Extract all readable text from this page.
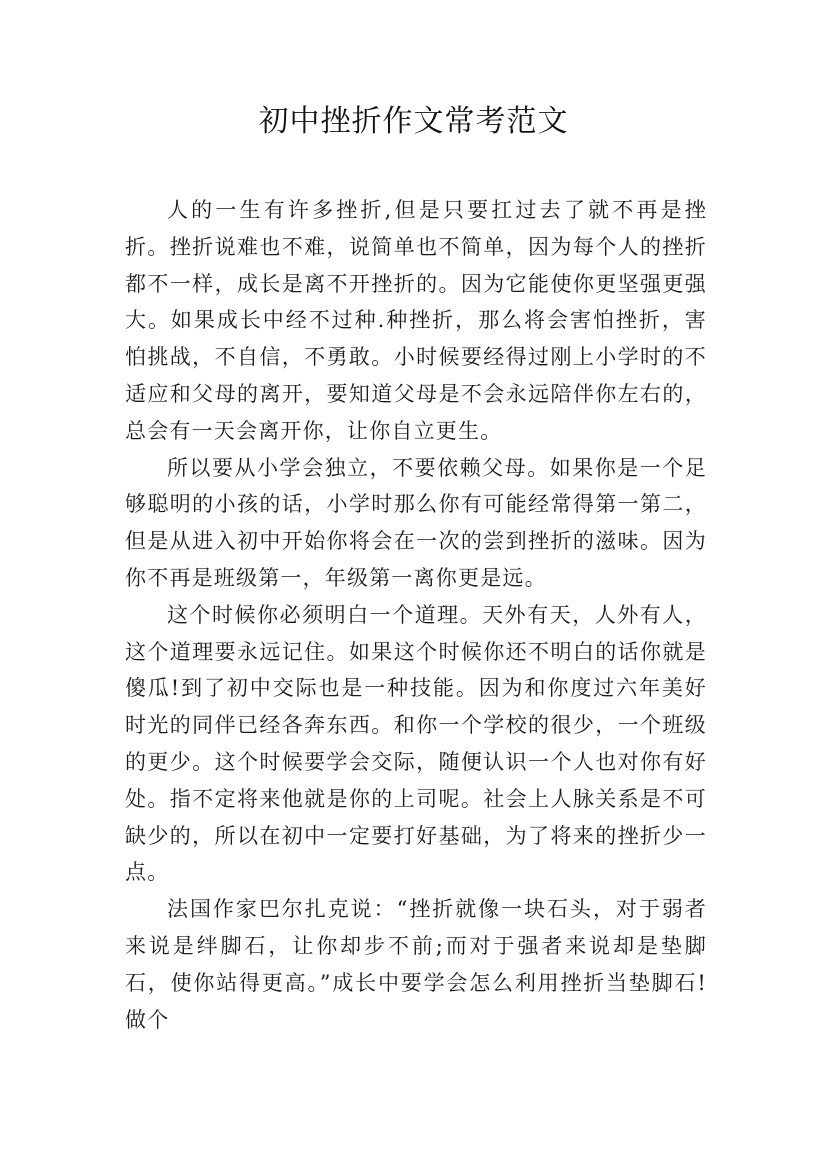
初中挫折作文常考范文

人的一生有许多挫折,但是只要扛过去了就不再是挫折。挫折说难也不难，说简单也不简单，因为每个人的挫折都不一样，成长是离不开挫折的。因为它能使你更坚强更强大。如果成长中经不过种.种挫折，那么将会害怕挫折，害怕挑战，不自信，不勇敢。小时候要经得过刚上小学时的不适应和父母的离开，要知道父母是不会永远陪伴你左右的，总会有一天会离开你，让你自立更生。

所以要从小学会独立，不要依赖父母。如果你是一个足够聪明的小孩的话，小学时那么你有可能经常得第一第二，但是从进入初中开始你将会在一次的尝到挫折的滋味。因为你不再是班级第一，年级第一离你更是远。

这个时候你必须明白一个道理。天外有天，人外有人，这个道理要永远记住。如果这个时候你还不明白的话你就是傻瓜!到了初中交际也是一种技能。因为和你度过六年美好时光的同伴已经各奔东西。和你一个学校的很少，一个班级的更少。这个时候要学会交际，随便认识一个人也对你有好处。指不定将来他就是你的上司呢。社会上人脉关系是不可缺少的，所以在初中一定要打好基础，为了将来的挫折少一点。

法国作家巴尔扎克说：“挫折就像一块石头，对于弱者来说是绊脚石，让你却步不前;而对于强者来说却是垫脚石，使你站得更高。”成长中要学会怎么利用挫折当垫脚石!做个
